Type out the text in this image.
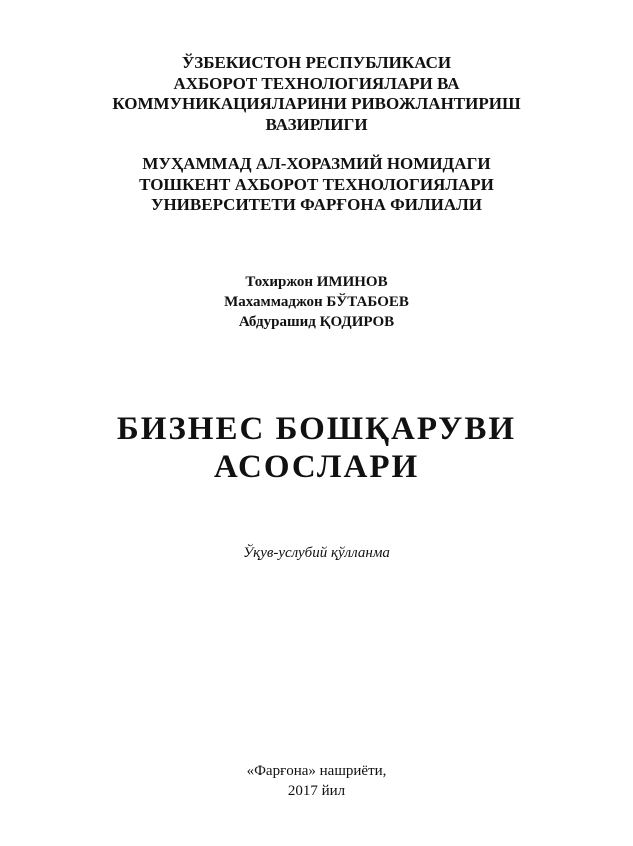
ЎЗБЕКИСТОН РЕСПУБЛИКАСИ
АХБОРОТ ТЕХНОЛОГИЯЛАРИ ВА
КОММУНИКАЦИЯЛАРИНИ РИВОЖЛАНТИРИШ
ВАЗИРЛИГИ
МУҲАММАД АЛ-ХОРАЗМИЙ НОМИДАГИ
ТОШКЕНТ АХБОРОТ ТЕХНОЛОГИЯЛАРИ
УНИВЕРСИТЕТИ ФАРҒОНА ФИЛИАЛИ
Тохиржон ИМИНОВ
Махаммаджон БЎТАБОЕВ
Абдурашид ҚОДИРОВ
БИЗНЕС БОШҚАРУВИ
АСОСЛАРИ
Ўқув-услубий қўлланма
«Фарғона» нашриёти,
2017 йил
